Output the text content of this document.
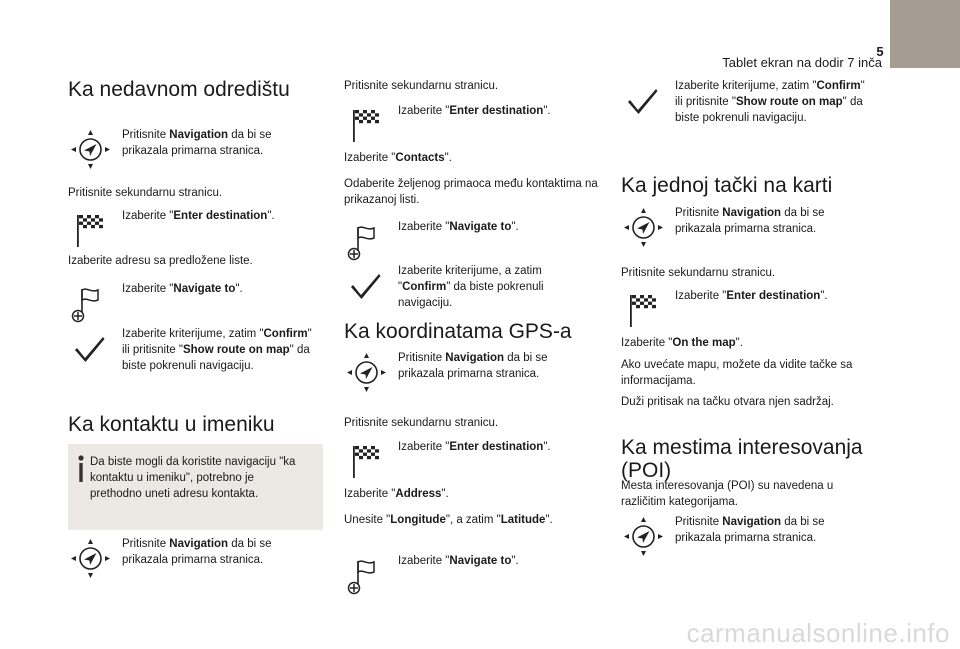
5
Tablet ekran na dodir 7 inča
Ka nedavnom odredištu
Pritisnite Navigation da bi se prikazala primarna stranica.

Pritisnite sekundarnu stranicu.

Izaberite "Enter destination".

Izaberite adresu sa predložene liste.

Izaberite "Navigate to".
Izaberite kriterijume, zatim "Confirm" ili pritisnite "Show route on map" da biste pokrenuli navigaciju.
Ka kontaktu u imeniku
Da biste mogli da koristite navigaciju "ka kontaktu u imeniku", potrebno je prethodno uneti adresu kontakta.
Pritisnite Navigation da bi se prikazala primarna stranica.

Pritisnite sekundarnu stranicu.

Izaberite "Enter destination".

Izaberite "Contacts".

Odaberite željenog primaoca među kontaktima na prikazanoj listi.

Izaberite "Navigate to".
Izaberite kriterijume, a zatim "Confirm" da biste pokrenuli navigaciju.
Ka koordinatama GPS-a
Pritisnite Navigation da bi se prikazala primarna stranica.

Pritisnite sekundarnu stranicu.

Izaberite "Enter destination".

Izaberite "Address".

Unesite "Longitude", a zatim "Latitude".

Izaberite "Navigate to".
Izaberite kriterijume, zatim "Confirm" ili pritisnite "Show route on map" da biste pokrenuli navigaciju.
Ka jednoj tački na karti
Pritisnite Navigation da bi se prikazala primarna stranica.

Pritisnite sekundarnu stranicu.

Izaberite "Enter destination".

Izaberite "On the map".

Ako uvećate mapu, možete da vidite tačke sa informacijama.

Duži pritisak na tačku otvara njen sadržaj.

Ka mestima interesovanja (POI)

Mesta interesovanja (POI) su navedena u različitim kategorijama.

Pritisnite Navigation da bi se prikazala primarna stranica.
carmanualsonline.info
